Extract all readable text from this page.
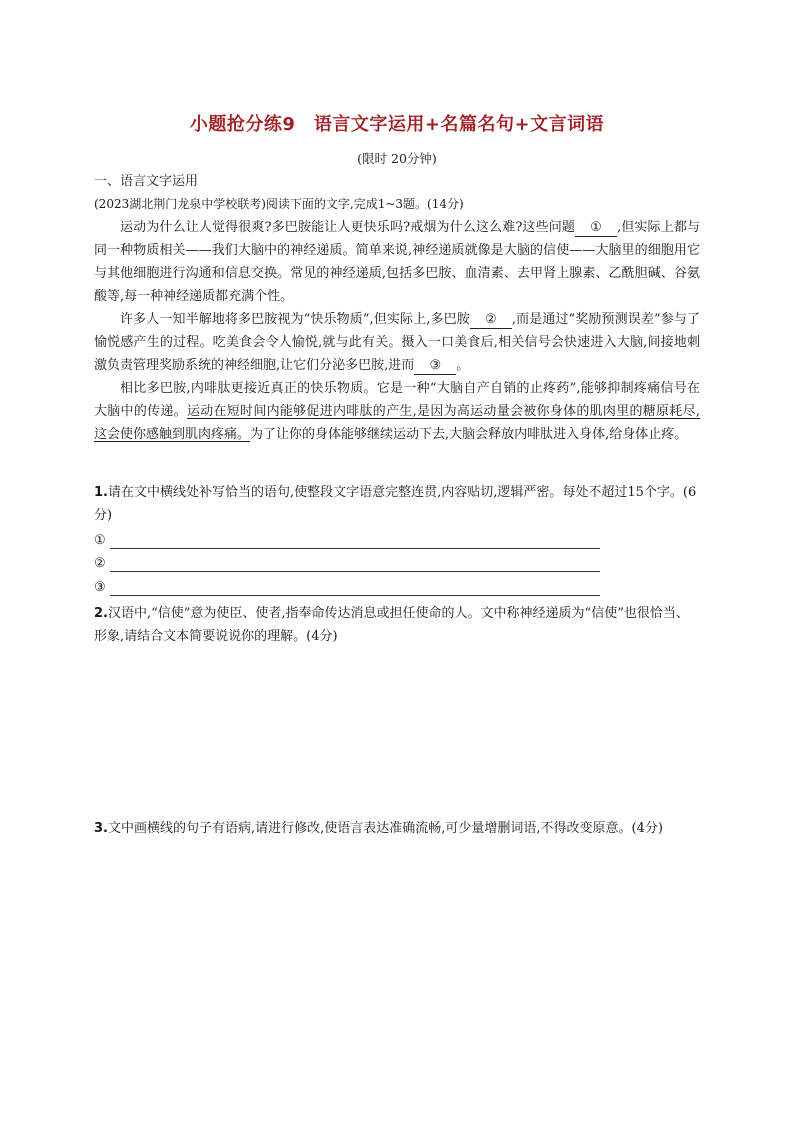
小题抢分练9　语言文字运用+名篇名句+文言词语
(限时 20分钟)
一、语言文字运用
(2023湖北荆门龙泉中学校联考)阅读下面的文字,完成1~3题。(14分)
运动为什么让人觉得很爽?多巴胺能让人更快乐吗?戒烟为什么这么难?这些问题 ① ,但实际上都与同一种物质相关——我们大脑中的神经递质。简单来说,神经递质就像是大脑的信使——大脑里的细胞用它与其他细胞进行沟通和信息交换。常见的神经递质,包括多巴胺、血清素、去甲肾上腺素、乙酰胆碱、谷氨酸等,每一种神经递质都充满个性。
许多人一知半解地将多巴胺视为“快乐物质”,但实际上,多巴胺 ② ,而是通过“奖励预测误差”参与了愉悦感产生的过程。吃美食会令人愉悦,就与此有关。摄入一口美食后,相关信号会快速进入大脑,间接地刺激负责管理奖励系统的神经细胞,让它们分泌多巴胺,进而 ③ 。
相比多巴胺,内啡肽更接近真正的快乐物质。它是一种“大脑自产自销的止疼药”,能够抑制疼痛信号在大脑中的传递。运动在短时间内能够促进内啡肽的产生,是因为高运动量会被你身体的肌肉里的糖原耗尽,这会使你感触到肌肉疼痛。为了让你的身体能够继续运动下去,大脑会释放内啡肽进入身体,给身体止疼。
1.请在文中横线处补写恰当的语句,使整段文字语意完整连贯,内容贴切,逻辑严密。每处不超过15个字。(6分)
①
②
③
2.汉语中,“信使”意为使臣、使者,指奉命传达消息或担任使命的人。文中称神经递质为“信使”也很恰当、形象,请结合文本简要说说你的理解。(4分)
3.文中画横线的句子有语病,请进行修改,使语言表达准确流畅,可少量增删词语,不得改变原意。(4分)
